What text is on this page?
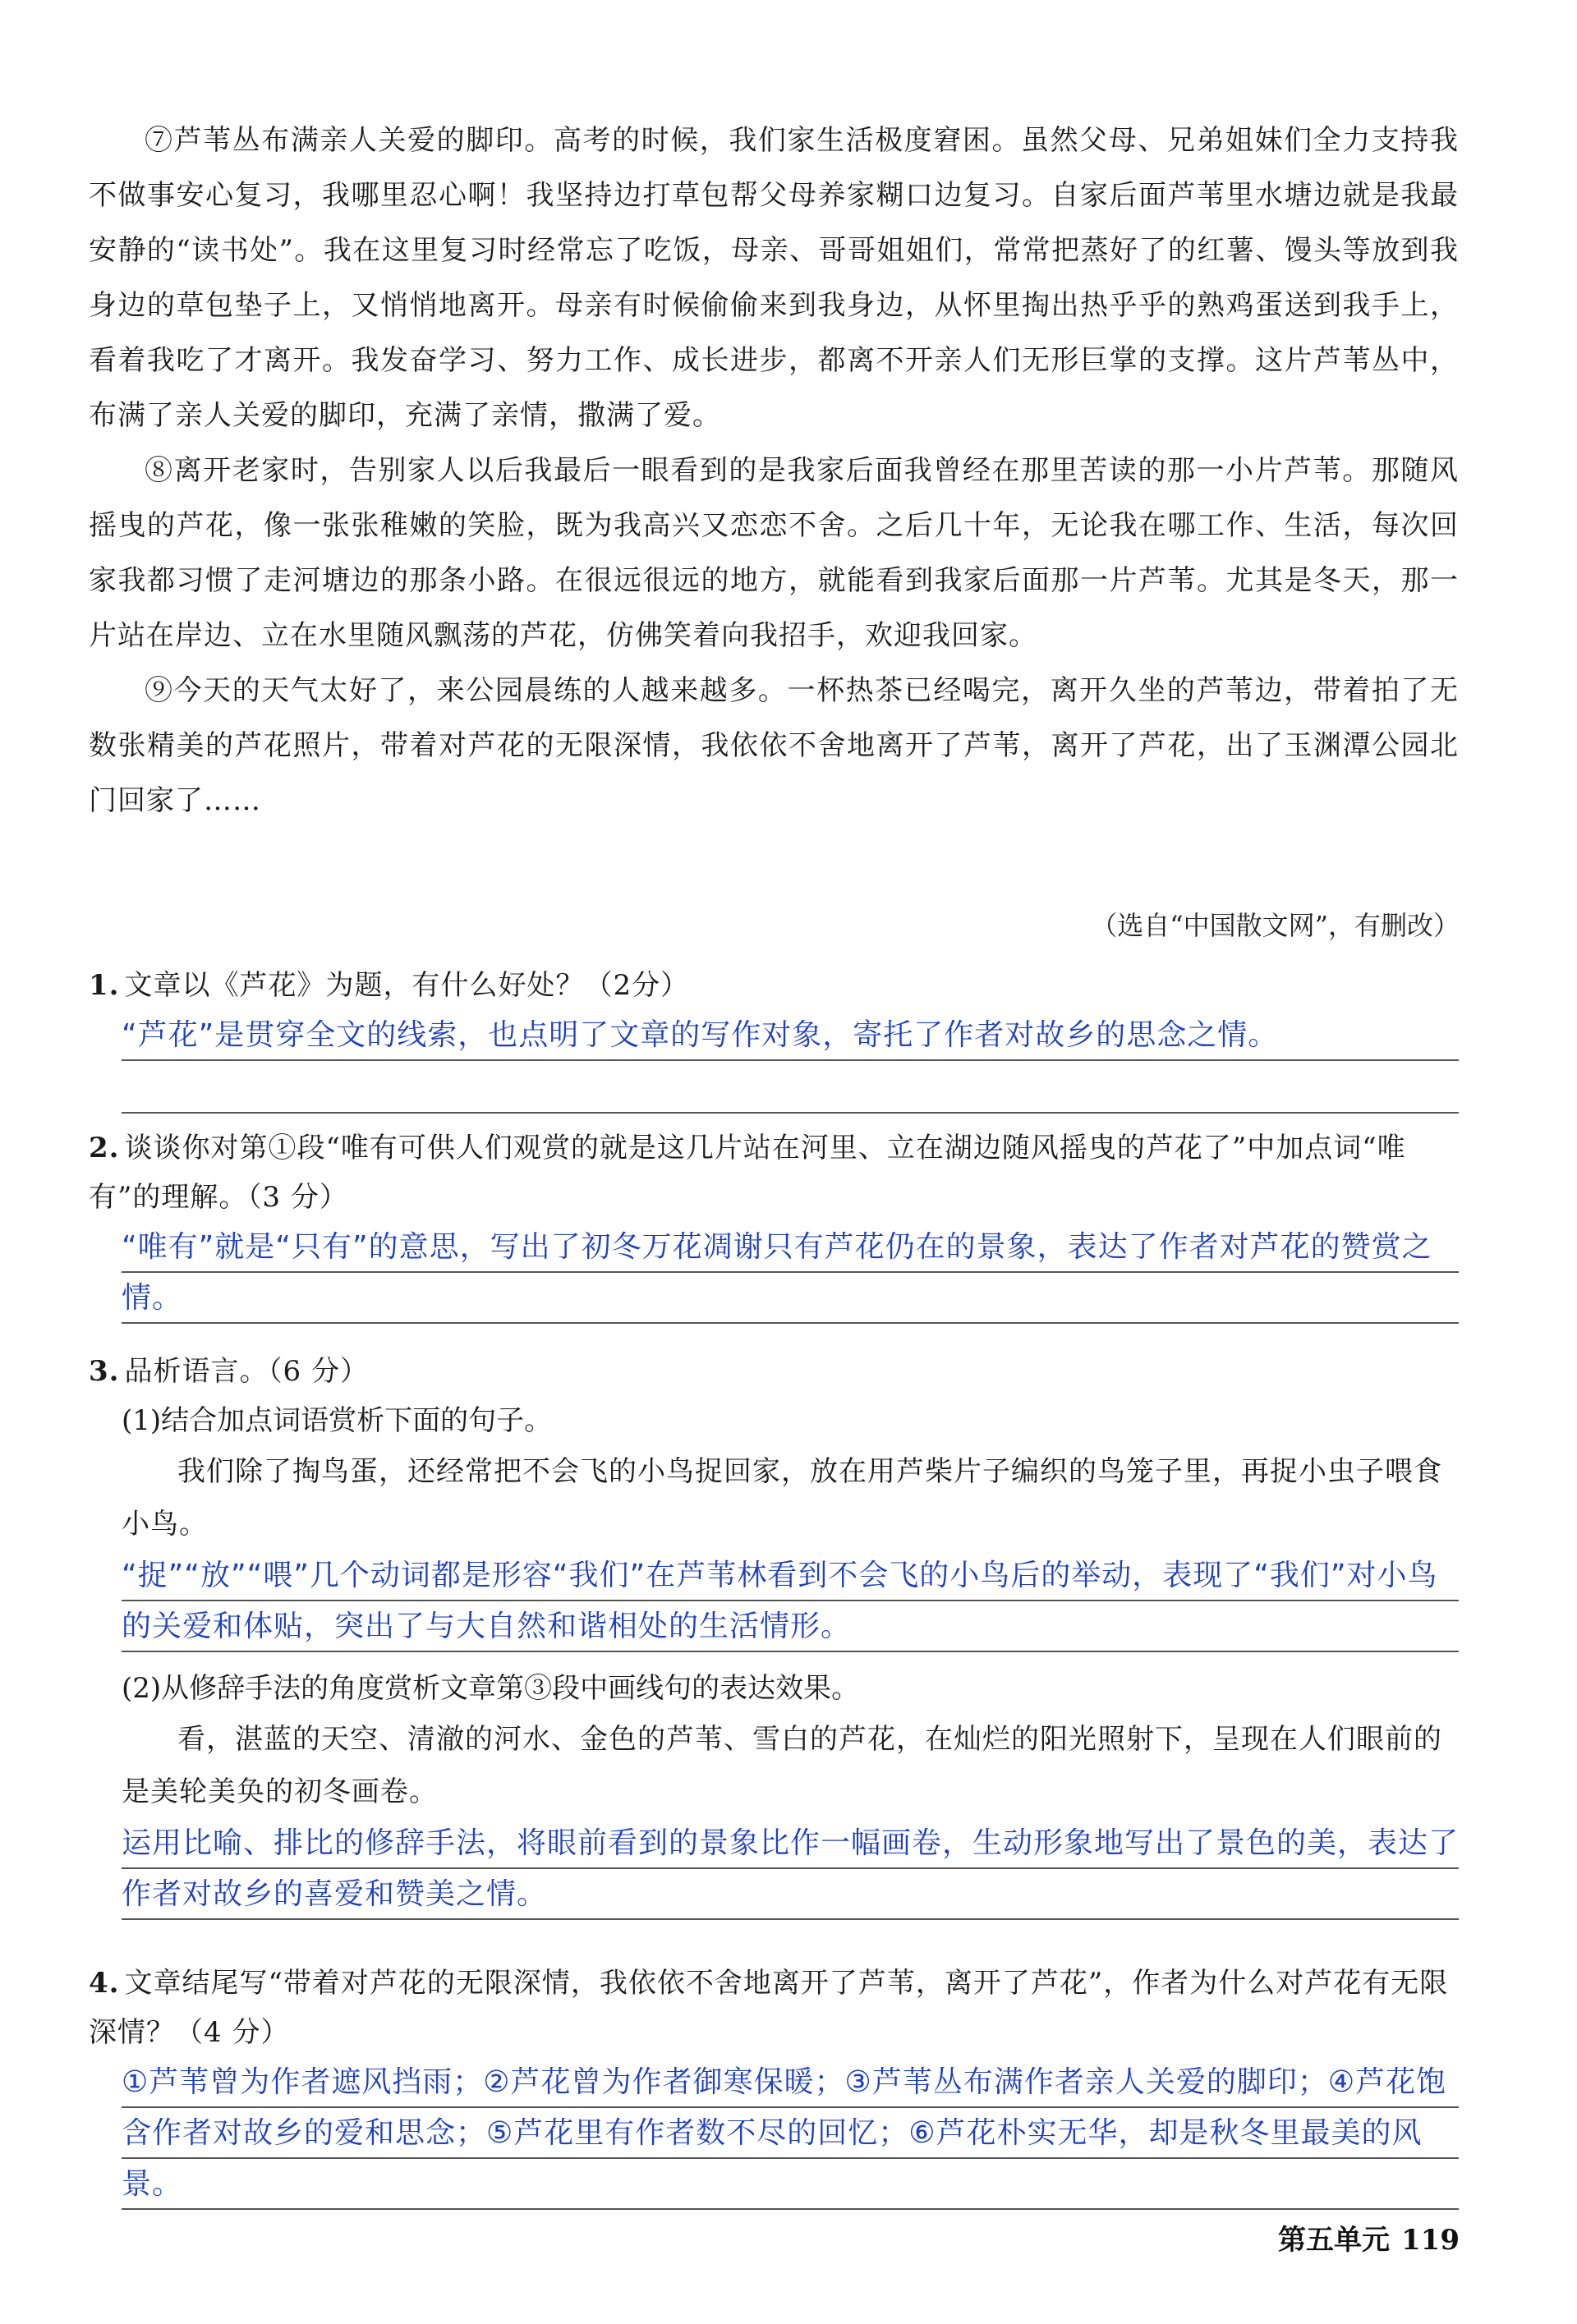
⑦芦苇丛布满亲人关爱的脚印。高考的时候，我们家生活极度窘困。虽然父母、兄弟姐妹们全力支持我不做事安心复习，我哪里忍心啊！我坚持边打草包帮父母养家糊口边复习。自家后面芦苇里水塘边就是我最安静的“读书处”。我在这里复习时经常忘了吃饭，母亲、哥哥姐姐们，常常把蒸好了的红薯、馒头等放到我身边的草包垫子上，又悄悄地离开。母亲有时候偷偷来到我身边，从怀里掏出热乎乎的熟鸡蛋送到我手上，看着我吃了才离开。我发奋学习、努力工作、成长进步，都离不开亲人们无形巨掌的支撑。这片芦苇丛中，布满了亲人关爱的脚印，充满了亲情，撒满了爱。

⑧离开老家时，告别家人以后我最后一眼看到的是我家后面我曾经在那里苦读的那一小片芦苇。那随风摇曳的芦花，像一张张稚嫩的笑脸，既为我高兴又恋恋不舍。之后几十年，无论我在哪工作、生活，每次回家我都习惯了走河塘边的那条小路。在很远很远的地方，就能看到我家后面那一片芦苇。尤其是冬天，那一片站在岸边、立在水里随风飘荡的芦花，仿佛笑着向我招手，欢迎我回家。

⑨今天的天气太好了，来公园晨练的人越来越多。一杯热茶已经喝完，离开久坐的芦苇边，带着拍了无数张精美的芦花照片，带着对芦花的无限深情，我依依不舍地离开了芦苇，离开了芦花，出了玉渊潭公园北门回家了……

（选自“中国散文网”，有删改）

1. 文章以《芦花》为题，有什么好处？（2分）

“芦花”是贯穿全文的线索，也点明了文章的写作对象，寄托了作者对故乡的思念之情。

2. 谈谈你对第①段“唯有可供人们观赏的就是这几片站在河里、立在湖边随风摇曳的芦花了”中加点词“唯有”的理解。（3 分）

“唯有”就是“只有”的意思，写出了初冬万花凋谢只有芦花仍在的景象，表达了作者对芦花的赞赏之情。

3. 品析语言。（6 分）

(1)结合加点词语赏析下面的句子。

我们除了掏鸟蛋，还经常把不会飞的小鸟捉回家，放在用芦柴片子编织的鸟笼子里，再捉小虫子喂食小鸟。

“捉”“放”“喂”几个动词都是形容“我们”在芦苇林看到不会飞的小鸟后的举动，表现了“我们”对小鸟的关爱和体贴，突出了与大自然和谐相处的生活情形。

(2)从修辞手法的角度赏析文章第③段中画线句的表达效果。

看，湛蓝的天空、清澈的河水、金色的芦苇、雪白的芦花，在灿烂的阳光照射下，呈现在人们眼前的是美轮美奂的初冬画卷。

运用比喻、排比的修辞手法，将眼前看到的景象比作一幅画卷，生动形象地写出了景色的美，表达了作者对故乡的喜爱和赞美之情。

4. 文章结尾写“带着对芦花的无限深情，我依依不舍地离开了芦苇，离开了芦花”，作者为什么对芦花有无限深情？（4 分）

①芦苇曾为作者遮风挡雨；②芦花曾为作者御寒保暖；③芦苇丛布满作者亲人关爱的脚印；④芦花饱含作者对故乡的爱和思念；⑤芦花里有作者数不尽的回忆；⑥芦花朴实无华，却是秋冬里最美的风景。
第五单元 119
